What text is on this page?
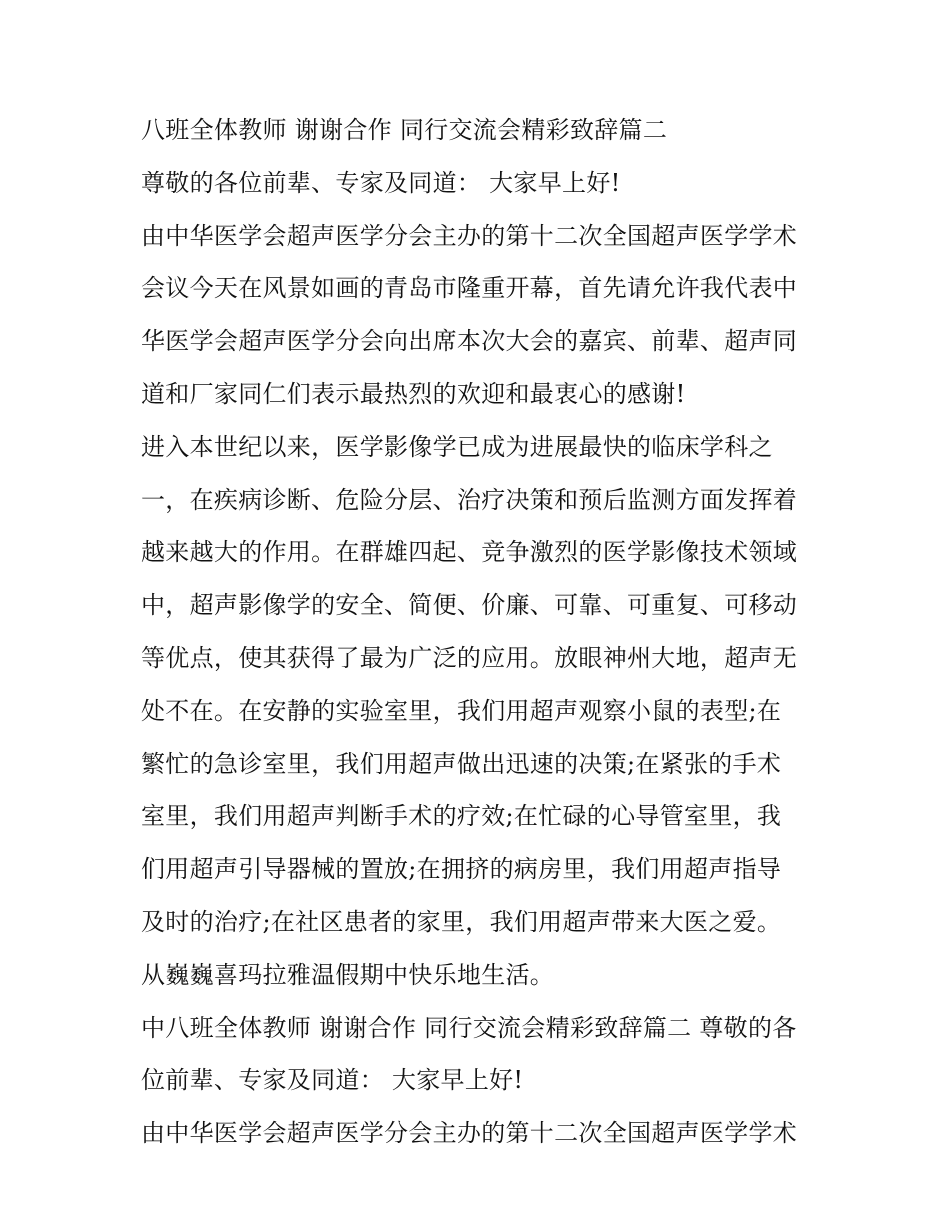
八班全体教师 谢谢合作 同行交流会精彩致辞篇二
尊敬的各位前辈、专家及同道： 大家早上好!
由中华医学会超声医学分会主办的第十二次全国超声医学学术
会议今天在风景如画的青岛市隆重开幕，首先请允许我代表中
华医学会超声医学分会向出席本次大会的嘉宾、前辈、超声同
道和厂家同仁们表示最热烈的欢迎和最衷心的感谢!
进入本世纪以来，医学影像学已成为进展最快的临床学科之
一，在疾病诊断、危险分层、治疗决策和预后监测方面发挥着
越来越大的作用。在群雄四起、竞争激烈的医学影像技术领域
中，超声影像学的安全、简便、价廉、可靠、可重复、可移动
等优点，使其获得了最为广泛的应用。放眼神州大地，超声无
处不在。在安静的实验室里，我们用超声观察小鼠的表型;在
繁忙的急诊室里，我们用超声做出迅速的决策;在紧张的手术
室里，我们用超声判断手术的疗效;在忙碌的心导管室里，我
们用超声引导器械的置放;在拥挤的病房里，我们用超声指导
及时的治疗;在社区患者的家里，我们用超声带来大医之爱。
从巍巍喜玛拉雅温假期中快乐地生活。
中八班全体教师 谢谢合作 同行交流会精彩致辞篇二 尊敬的各
位前辈、专家及同道： 大家早上好!
由中华医学会超声医学分会主办的第十二次全国超声医学学术
